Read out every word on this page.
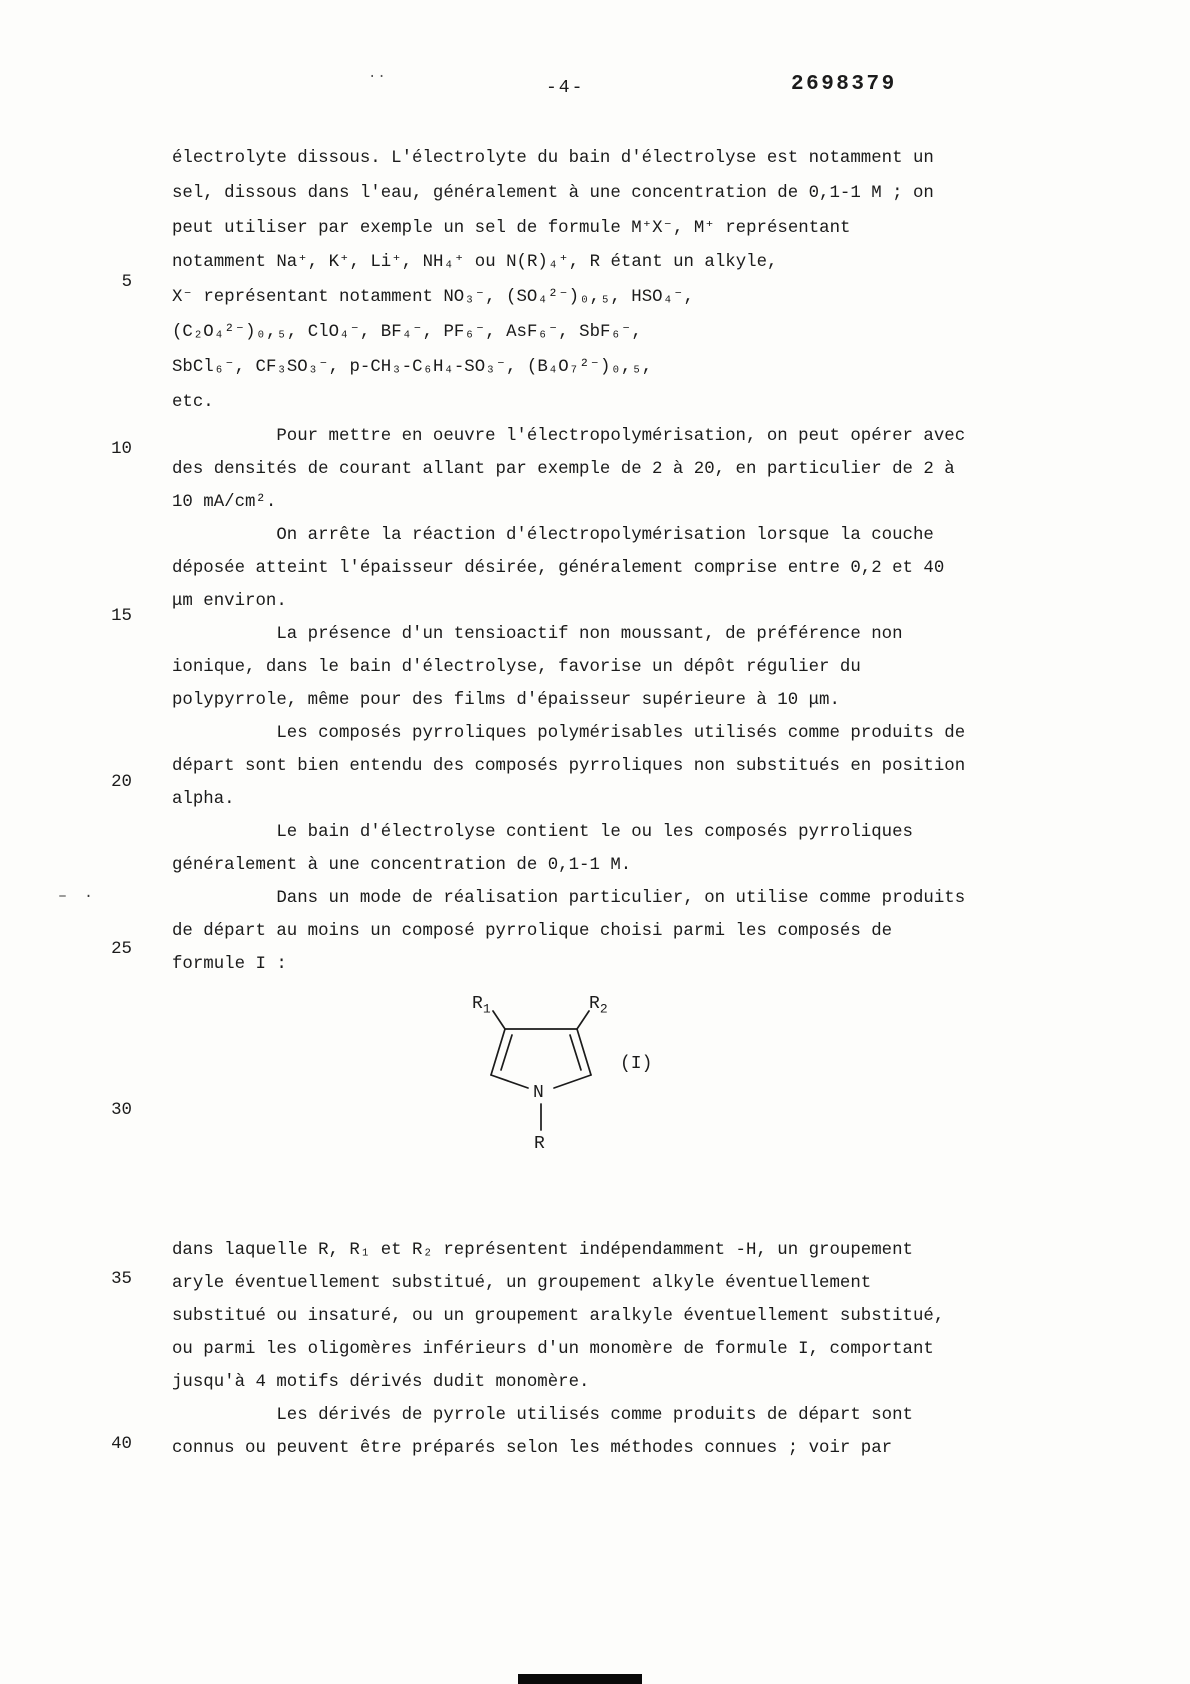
..
-4-	2698379
5
10
15
20
25
30
35
40
électrolyte dissous. L'électrolyte du bain d'électrolyse est notamment un
sel, dissous dans l'eau, généralement à une concentration de 0,1-1 M ; on
peut utiliser par exemple un sel de formule M⁺X⁻, M⁺ représentant
notamment Na⁺, K⁺, Li⁺, NH₄⁺ ou N(R)₄⁺, R étant un alkyle,
X⁻ représentant notamment NO₃⁻, (SO₄²⁻)₀,₅, HSO₄⁻,
(C₂O₄²⁻)₀,₅, ClO₄⁻, BF₄⁻, PF₆⁻, AsF₆⁻, SbF₆⁻,
SbCl₆⁻, CF₃SO₃⁻, p-CH₃-C₆H₄-SO₃⁻, (B₄O₇²⁻)₀,₅,
etc.
Pour mettre en oeuvre l'électropolymérisation, on peut opérer avec
des densités de courant allant par exemple de 2 à 20, en particulier de 2 à
10 mA/cm².
On arrête la réaction d'électropolymérisation lorsque la couche
déposée atteint l'épaisseur désirée, généralement comprise entre 0,2 et 40
μm environ.
La présence d'un tensioactif non moussant, de préférence non
ionique, dans le bain d'électrolyse, favorise un dépôt régulier du
polypyrrole, même pour des films d'épaisseur supérieure à 10 μm.
Les composés pyrroliques polymérisables utilisés comme produits de
départ sont bien entendu des composés pyrroliques non substitués en position
alpha.
Le bain d'électrolyse contient le ou les composés pyrroliques
généralement à une concentration de 0,1-1 M.
Dans un mode de réalisation particulier, on utilise comme produits
de départ au moins un composé pyrrolique choisi parmi les composés de
formule I :
$R_1$	$R_2$
N
R
(I)
dans laquelle R, R₁ et R₂ représentent indépendamment -H, un groupement
aryle éventuellement substitué, un groupement alkyle éventuellement
substitué ou insaturé, ou un groupement aralkyle éventuellement substitué,
ou parmi les oligomères inférieurs d'un monomère de formule I, comportant
jusqu'à 4 motifs dérivés dudit monomère.
Les dérivés de pyrrole utilisés comme produits de départ sont
connus ou peuvent être préparés selon les méthodes connues ; voir par
– ·
